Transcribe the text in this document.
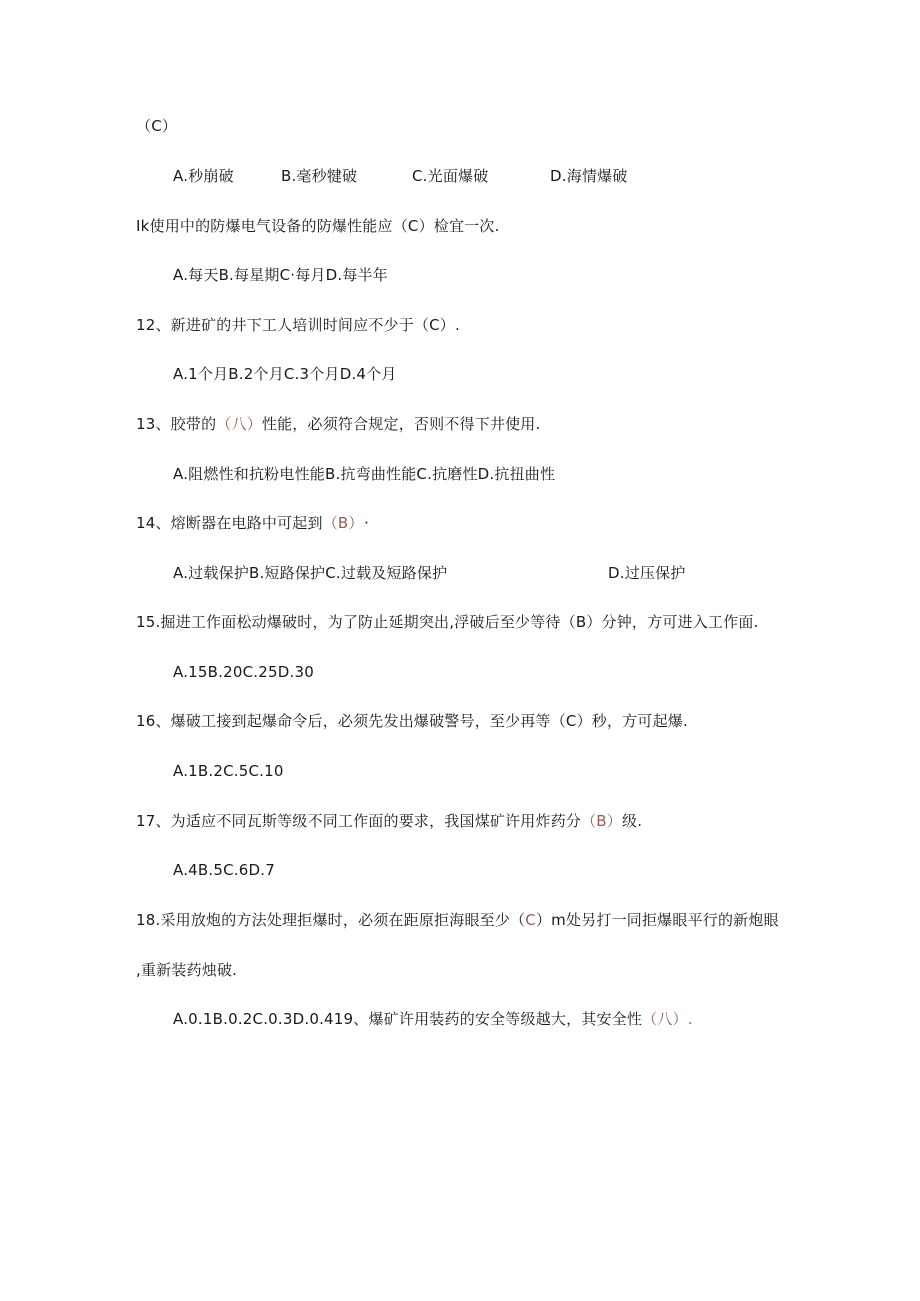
（C）
A.秒崩破	B.毫秒犍破	C.光面爆破	D.海情爆破
Ik使用中的防爆电气设备的防爆性能应（C）检宜一次.
A.每天B.每星期C·每月D.每半年
12、新进矿的井下工人培训时间应不少于（C）.
A.1个月B.2个月C.3个月D.4个月
13、胶带的（八）性能，必须符合规定，否则不得下井使用.
A.阻燃性和抗粉电性能B.抗弯曲性能C.抗磨性D.抗扭曲性
14、熔断器在电路中可起到（B） ·
A.过载保护B.短路保护C.过载及短路保护	D.过压保护
15.掘进工作面松动爆破时，为了防止延期突出,浮破后至少等待（B）分钟，方可进入工作面.
A.15B.20C.25D.30
16、爆破工接到起爆命令后，必须先发出爆破警号，至少再等（C）秒，方可起爆.
A.1B.2C.5C.10
17、为适应不同瓦斯等级不同工作面的要求，我国煤矿许用炸药分（B）级.
A.4B.5C.6D.7
18.采用放炮的方法处理拒爆时，必须在距原拒海眼至少（C）m处另打一同拒爆眼平行的新炮眼
,重新装药烛破.
A.0.1B.0.2C.0.3D.0.419、爆矿许用装药的安全等级越大，其安全性（八）.
